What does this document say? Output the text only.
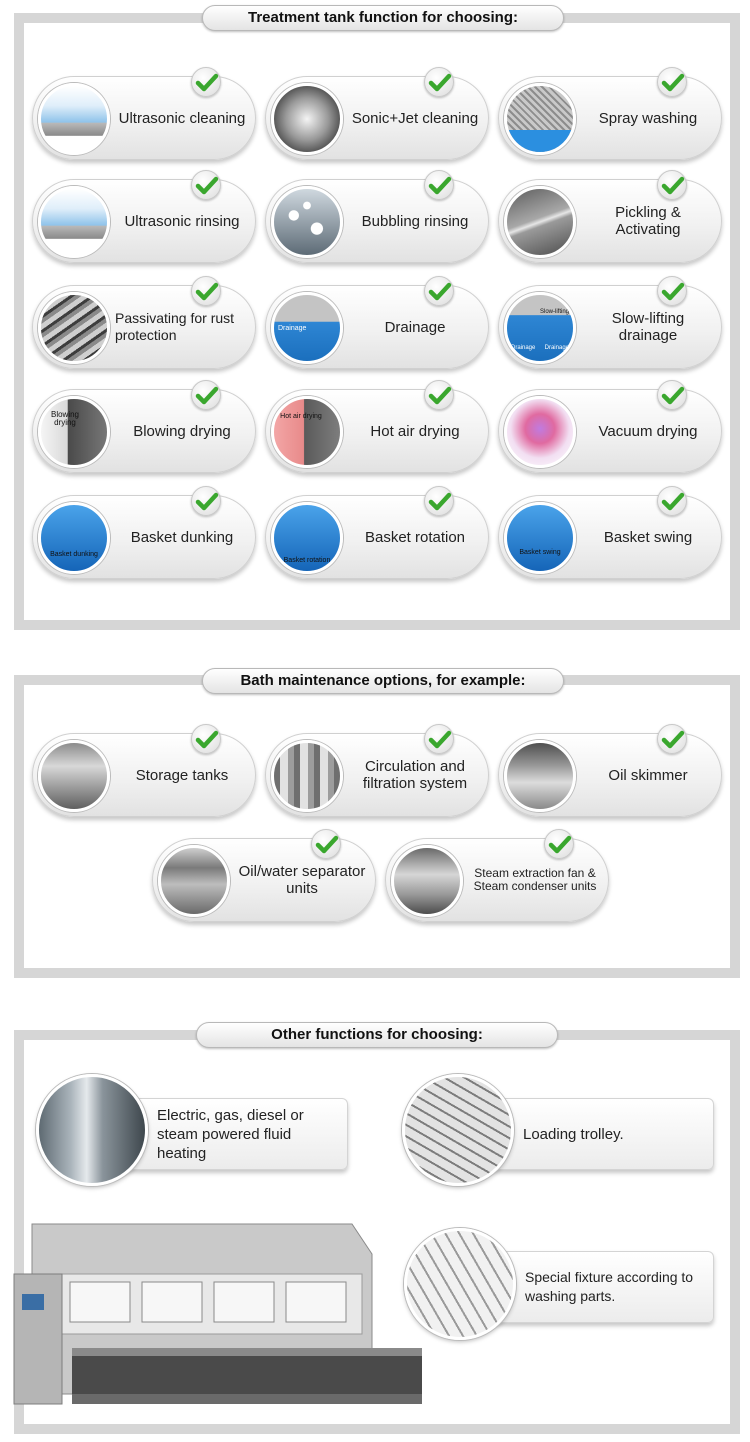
Treatment tank function for choosing:
Ultrasonic cleaning	Sonic+Jet cleaning	Spray washing
Ultrasonic rinsing	Bubbling rinsing	Pickling & Activating
Passivating for rust protection	Drainage	Drainage
Slow-lifting
Drainage Drainage
Slow-lifting drainage
Blowing drying	Blowing drying
Hot air drying
Hot air drying	Vacuum drying
Basket dunking
Basket dunking
Basket rotation
Basket rotation
Basket swing
Basket swing
Bath maintenance options, for example:
Storage tanks	Circulation and filtration system	Oil skimmer
Oil/water separator units
Steam extraction fan & Steam condenser units
Other functions for choosing:
Electric, gas, diesel or steam powered fluid heating
Loading trolley.
Special fixture according to washing parts.
